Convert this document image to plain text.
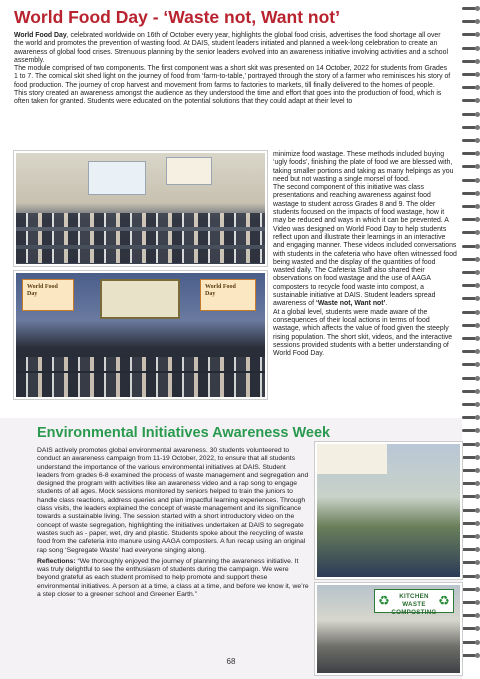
World Food Day - ‘Waste not, Want not’

World Food Day, celebrated worldwide on 16th of October every year, highlights the global food crisis, advertises the food shortage all over the world and promotes the prevention of wasting food. At DAIS, student leaders initiated and planned a week-long celebration to create an awareness of global food crises. Strenuous planning by the senior leaders evolved into an awareness initiative involving activities and a school assembly.

The module comprised of two components. The first component was a short skit was presented on 14 October, 2022 for students from Grades 1 to 7. The comical skit shed light on the journey of food from ‘farm-to-table,’ portrayed through the story of a farmer who reminisces his story of food production. The journey of crop harvest and movement from farms to factories to markets, till finally delivered to the homes of people.

This story created an awareness amongst the audience as they understood the time and effort that goes into the production of food, which is often taken for granted. Students were educated on the potential solutions that they could adapt at their level to

World Food Day
World Food Day

minimize food wastage. These methods included buying ‘ugly foods’, finishing the plate of food we are blessed with, taking smaller portions and taking as many helpings as you need but not wasting a single morsel of food.

The second component of this initiative was class presentations and reaching awareness against food wastage to student across Grades 8 and 9. The older students focused on the impacts of food wastage, how it may be reduced and ways in which it can be prevented. A Video was designed on World Food Day to help students reflect upon and illustrate their learnings in an interactive and engaging manner. These videos included conversations with students in the cafeteria who have often witnessed food being wasted and the display of the quantities of food wasted daily. The Cafeteria Staff also shared their observations on food wastage and the use of AAGA composters to recycle food waste into compost, a sustainable initiative at DAIS. Student leaders spread awareness of ‘Waste not, Want not’.

At a global level, students were made aware of the consequences of their local actions in terms of food wastage, which affects the value of food given the steeply rising population. The short skit, videos, and the interactive sessions provided students with a better understanding of World Food Day.

Environmental Initiatives Awareness Week

DAIS actively promotes global environmental awareness. 30 students volunteered to conduct an awareness campaign from 11-19 October, 2022, to ensure that all students understand the importance of the various environmental initiatives at DAIS. Student leaders from grades 6-8 examined the process of waste management and segregation and designed the program with activities like an awareness video and a rap song to engage students of all ages. Mock sessions monitored by seniors helped to train the juniors to handle class reactions, address queries and plan impactful learning experiences. Through class visits, the leaders explained the concept of waste management and its significance towards a sustainable living. The session started with a short introductory video on the concept of waste segregation, highlighting the initiatives undertaken at DAIS to segregate wastes such as - paper, wet, dry and plastic. Students spoke about the recycling of waste food from the cafeteria into manure using AAGA composters. A fun recap using an original rap song ‘Segregate Waste’ had everyone singing along.

Reflections: “We thoroughly enjoyed the journey of planning the awareness initiative. It was truly delightful to see the enthusiasm of students during the campaign. We were beyond grateful as each student promised to help promote and support these environmental initiatives. A person at a time, a class at a time, and before we know it, we’re a step closer to a greener school and Greener Earth.”	♻	KITCHEN WASTE COMPOSTING
♻
68
